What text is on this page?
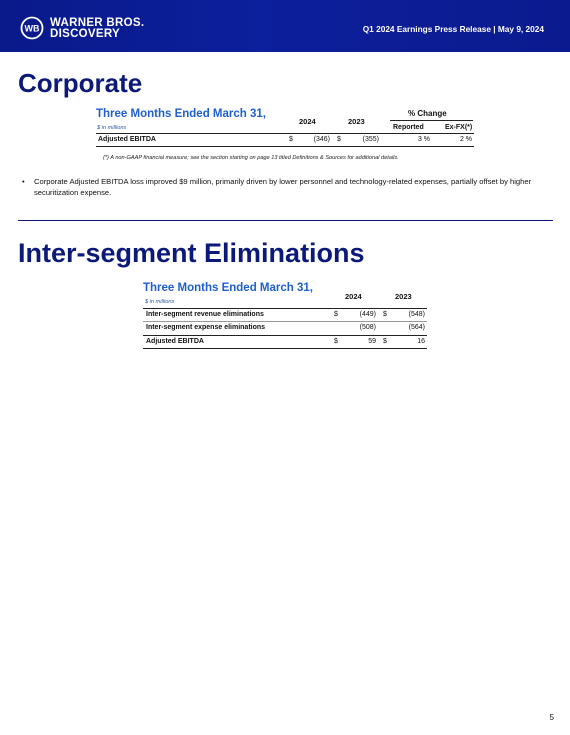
WB WARNER BROS.
DISCOVERY	Q1 2024 Earnings Press Release | May 9, 2024
Corporate
Three Months Ended March 31,
$ in millions
2024	2023
% Change
Reported	Ex-FX(*)
Adjusted EBITDA	$	(346) $	(355)	3 %	2 %
(*) A non-GAAP financial measure; see the section starting on page 13 titled Definitions & Sources for additional details.
• Corporate Adjusted EBITDA loss improved $9 million, primarily driven by lower personnel and technology-related expenses, partially offset by higher securitization expense.
Inter-segment Eliminations
Three Months Ended March 31,
$ in millions
2024	2023
Inter-segment revenue eliminations	$	(449) $	(548)
Inter-segment expense eliminations	(508)	(564)
Adjusted EBITDA	$	59 $	16
5
